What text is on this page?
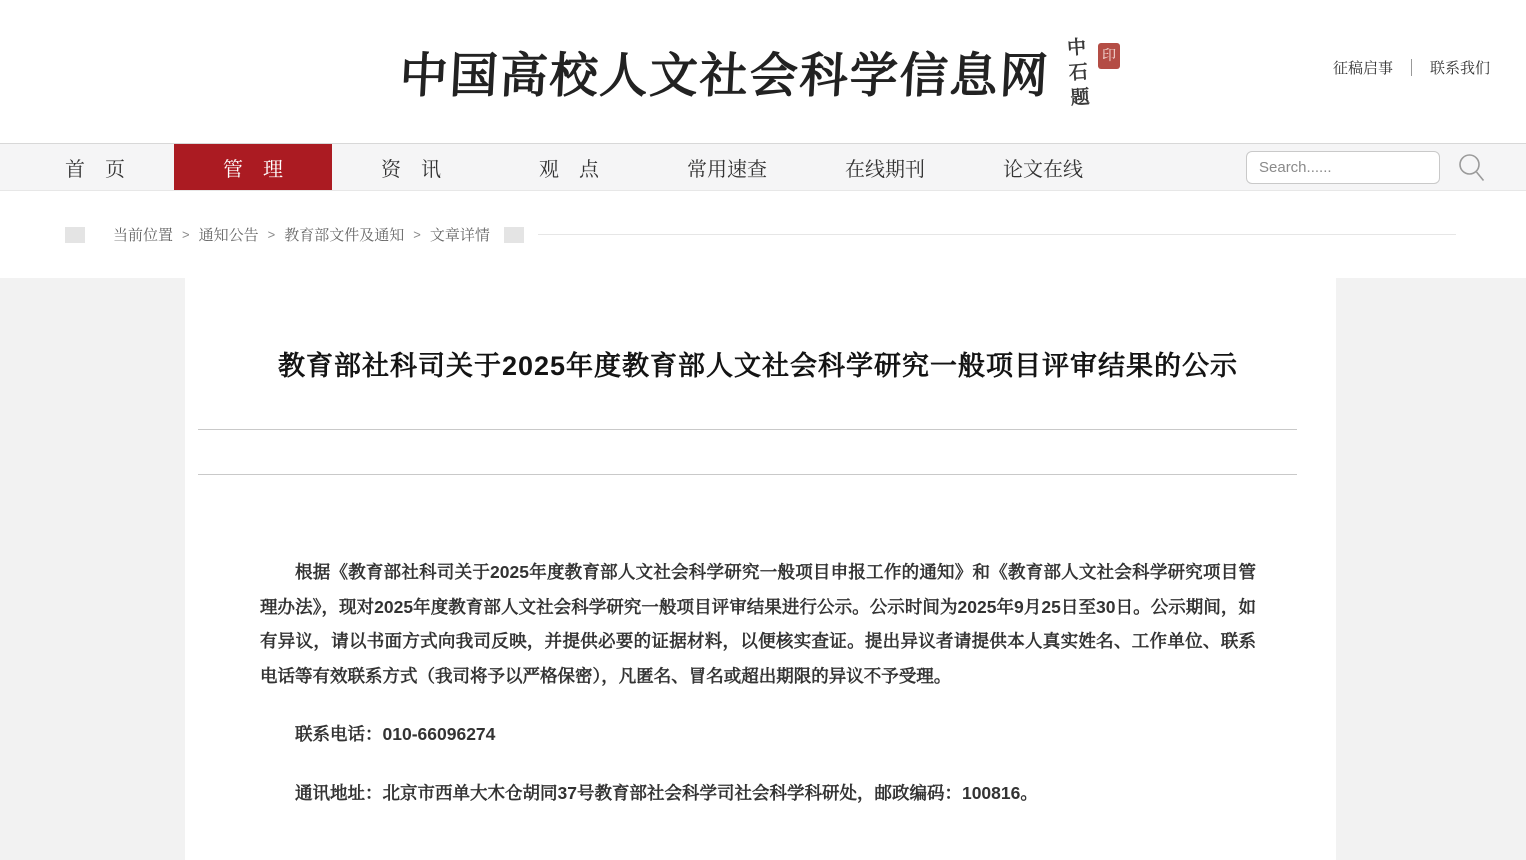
中国高校人文社会科学信息网 中石题 印
征稿启事 联系我们
首　页	管　理	资　讯	观　点	常用速查	在线期刊	论文在线
Search......
当前位置 > 通知公告 > 教育部文件及通知 > 文章详情
教育部社科司关于2025年度教育部人文社会科学研究一般项目评审结果的公示

根据《教育部社科司关于2025年度教育部人文社会科学研究一般项目申报工作的通知》和《教育部人文社会科学研究项目管理办法》，现对2025年度教育部人文社会科学研究一般项目评审结果进行公示。公示时间为2025年9月25日至30日。公示期间，如有异议，请以书面方式向我司反映，并提供必要的证据材料，以便核实查证。提出异议者请提供本人真实姓名、工作单位、联系电话等有效联系方式（我司将予以严格保密），凡匿名、冒名或超出期限的异议不予受理。

联系电话：010-66096274

通讯地址：北京市西单大木仓胡同37号教育部社会科学司社会科学科研处，邮政编码：100816。
